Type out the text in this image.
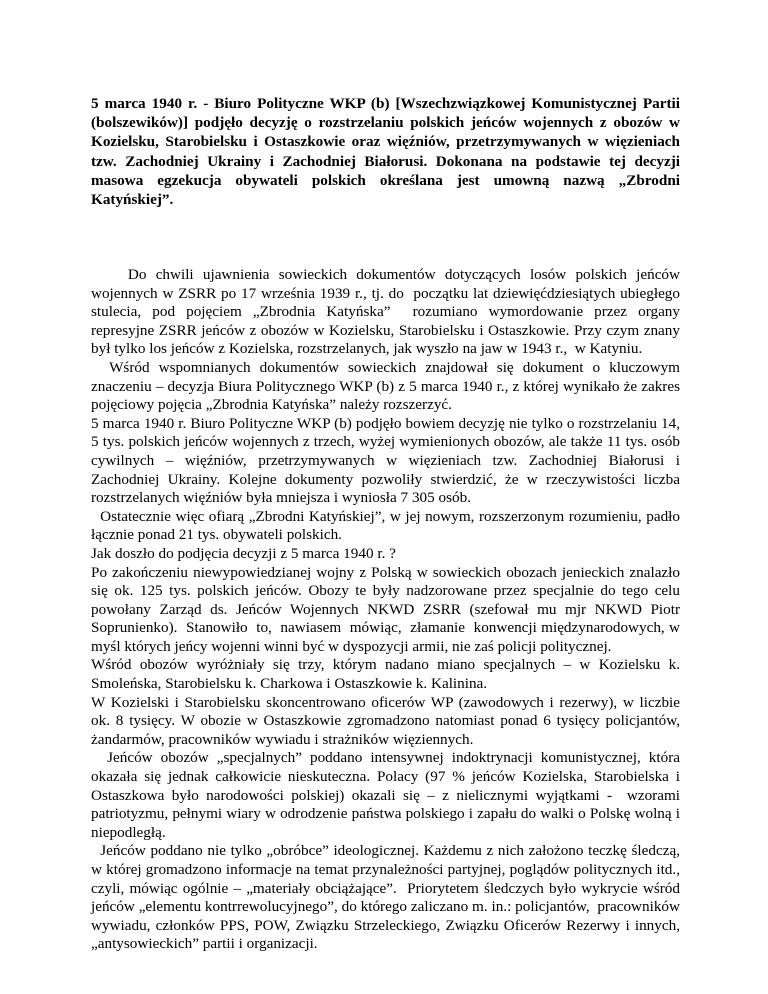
5 marca 1940 r. - Biuro Polityczne WKP (b) [Wszechzwiązkowej Komunistycznej Partii (bolszewików)] podjęło decyzję o rozstrzelaniu polskich jeńców wojennych z obozów w Kozielsku, Starobielsku i Ostaszkowie oraz więźniów, przetrzymywanych w więzieniach tzw. Zachodniej Ukrainy i Zachodniej Białorusi. Dokonana na podstawie tej decyzji masowa egzekucja obywateli polskich określana jest umowną nazwą „Zbrodni Katyńskiej”.

Do chwili ujawnienia sowieckich dokumentów dotyczących losów polskich jeńców wojennych w ZSRR po 17 września 1939 r., tj. do  początku lat dziewięćdziesiątych ubiegłego stulecia, pod pojęciem „Zbrodnia Katyńska”  rozumiano wymordowanie przez organy represyjne ZSRR jeńców z obozów w Kozielsku, Starobielsku i Ostaszkowie. Przy czym znany był tylko los jeńców z Kozielska, rozstrzelanych, jak wyszło na jaw w 1943 r.,  w Katyniu.

Wśród wspomnianych dokumentów sowieckich znajdował się dokument o kluczowym znaczeniu – decyzja Biura Politycznego WKP (b) z 5 marca 1940 r., z której wynikało że zakres pojęciowy pojęcia „Zbrodnia Katyńska” należy rozszerzyć.

5 marca 1940 r. Biuro Polityczne WKP (b) podjęło bowiem decyzję nie tylko o rozstrzelaniu 14, 5 tys. polskich jeńców wojennych z trzech, wyżej wymienionych obozów, ale także 11 tys. osób cywilnych – więźniów, przetrzymywanych w więzieniach tzw. Zachodniej Białorusi i Zachodniej Ukrainy. Kolejne dokumenty pozwoliły stwierdzić, że w rzeczywistości liczba rozstrzelanych więźniów była mniejsza i wyniosła 7 305 osób.

Ostatecznie więc ofiarą „Zbrodni Katyńskiej”, w jej nowym, rozszerzonym rozumieniu, padło łącznie ponad 21 tys. obywateli polskich.

Jak doszło do podjęcia decyzji z 5 marca 1940 r. ?

Po zakończeniu niewypowiedzianej wojny z Polską w sowieckich obozach jenieckich znalazło się ok. 125 tys. polskich jeńców. Obozy te były nadzorowane przez specjalnie do tego celu powołany Zarząd ds. Jeńców Wojennych NKWD ZSRR (szefował mu mjr NKWD Piotr  Soprunienko).  Stanowiło  to,  nawiasem  mówiąc,  złamanie  konwencji międzynarodowych, w myśl których jeńcy wojenni winni być w dyspozycji armii, nie zaś policji politycznej.

Wśród obozów wyróżniały się trzy, którym nadano miano specjalnych – w Kozielsku k. Smoleńska, Starobielsku k. Charkowa i Ostaszkowie k. Kalinina.

W Kozielski i Starobielsku skoncentrowano oficerów WP (zawodowych i rezerwy), w liczbie ok. 8 tysięcy. W obozie w Ostaszkowie zgromadzono natomiast ponad 6 tysięcy policjantów, żandarmów, pracowników wywiadu i strażników więziennych.

Jeńców obozów „specjalnych” poddano intensywnej indoktrynacji komunistycznej, która okazała się jednak całkowicie nieskuteczna. Polacy (97 % jeńców Kozielska, Starobielska i Ostaszkowa było narodowości polskiej) okazali się – z nielicznymi wyjątkami -  wzorami patriotyzmu, pełnymi wiary w odrodzenie państwa polskiego i zapału do walki o Polskę wolną i niepodległą.

Jeńców poddano nie tylko „obróbce” ideologicznej. Każdemu z nich założono teczkę śledczą, w której gromadzono informacje na temat przynależności partyjnej, poglądów politycznych itd., czyli, mówiąc ogólnie – „materiały obciążające”.  Priorytetem śledczych było wykrycie wśród jeńców „elementu kontrrewolucyjnego”, do którego zaliczano m. in.: policjantów,  pracowników wywiadu, członków PPS, POW, Związku Strzeleckiego, Związku Oficerów Rezerwy i innych, „antysowieckich” partii i organizacji.
